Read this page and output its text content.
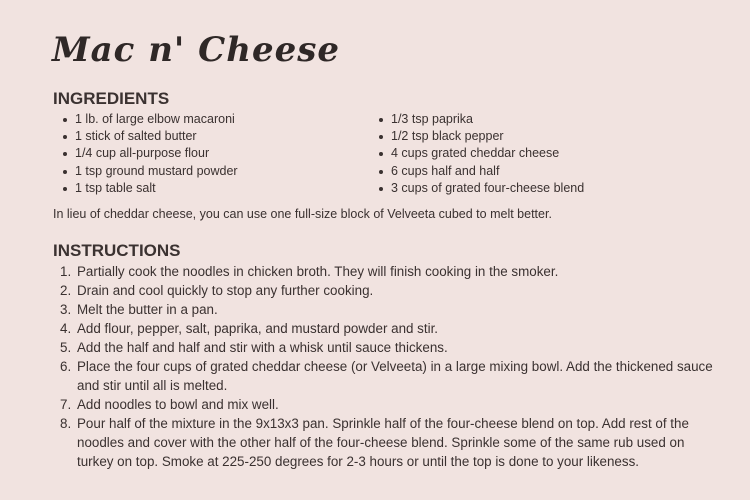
Mac n' Cheese
INGREDIENTS
1 lb. of large elbow macaroni
1 stick of salted butter
1/4 cup all-purpose flour
1 tsp ground mustard powder
1 tsp table salt
1/3 tsp paprika
1/2 tsp black pepper
4 cups grated cheddar cheese
6 cups half and half
3 cups of grated four-cheese blend

In lieu of cheddar cheese, you can use one full-size block of Velveeta cubed to melt better.

INSTRUCTIONS
1. Partially cook the noodles in chicken broth. They will finish cooking in the smoker.
2. Drain and cool quickly to stop any further cooking.
3. Melt the butter in a pan.
4. Add flour, pepper, salt, paprika, and mustard powder and stir.
5. Add the half and half and stir with a whisk until sauce thickens.
6. Place the four cups of grated cheddar cheese (or Velveeta) in a large mixing bowl. Add the thickened sauce and stir until all is melted.
7. Add noodles to bowl and mix well.
8. Pour half of the mixture in the 9x13x3 pan. Sprinkle half of the four-cheese blend on top. Add rest of the noodles and cover with the other half of the four-cheese blend. Sprinkle some of the same rub used on turkey on top. Smoke at 225-250 degrees for 2-3 hours or until the top is done to your likeness.
